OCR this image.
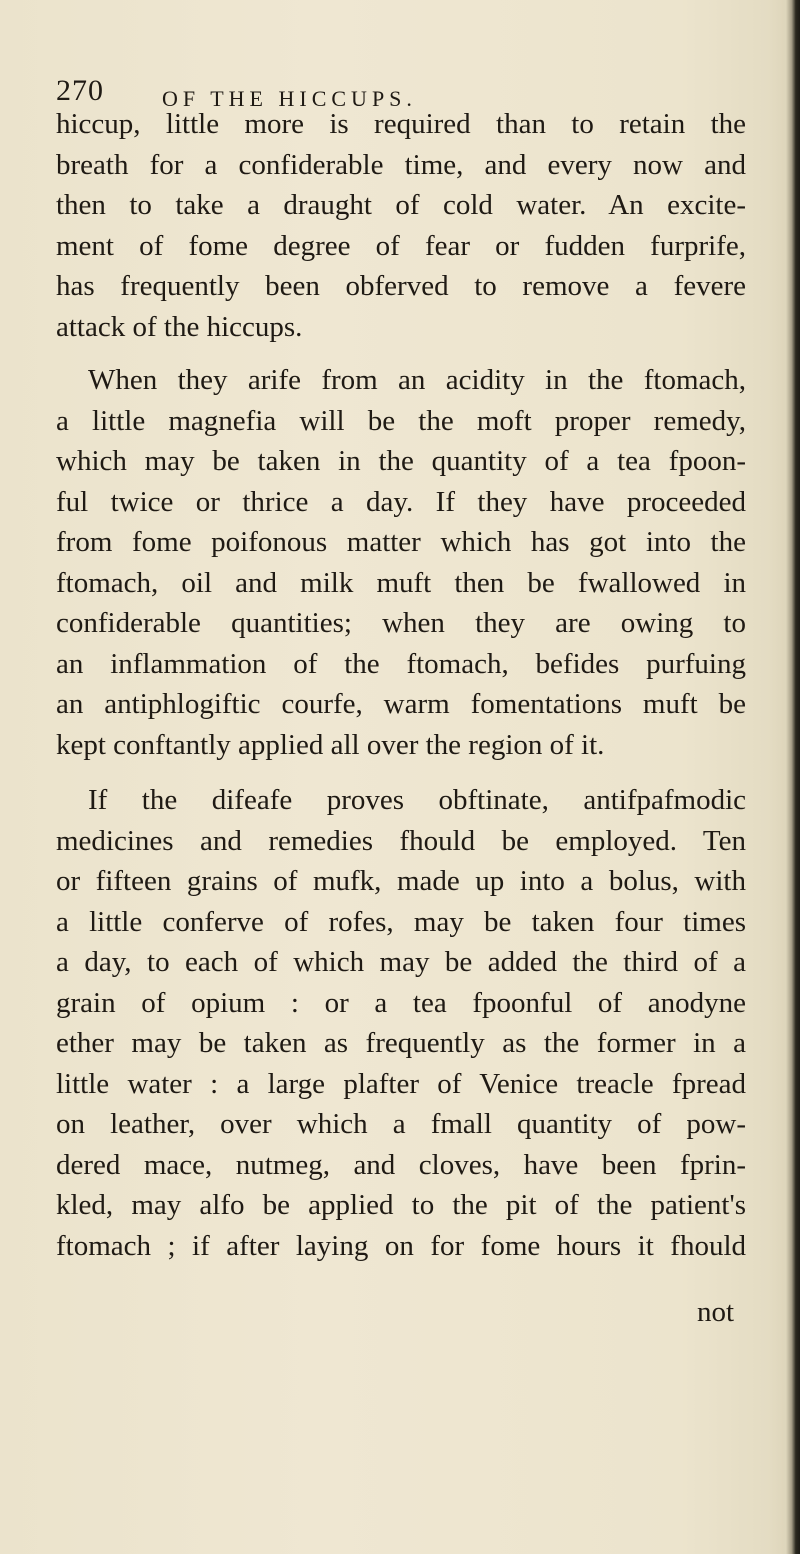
270	OF THE HICCUPS.
hiccup, little more is required than to retain the
breath for a confiderable time, and every now and
then to take a draught of cold water. An excite-
ment of fome degree of fear or fudden furprife,
has frequently been obferved to remove a fevere
attack of the hiccups.
When they arife from an acidity in the ftomach,
a little magnefia will be the moft proper remedy,
which may be taken in the quantity of a tea fpoon-
ful twice or thrice a day. If they have proceeded
from fome poifonous matter which has got into the
ftomach, oil and milk muft then be fwallowed in
confiderable quantities; when they are owing to
an inflammation of the ftomach, befides purfuing
an antiphlogiftic courfe, warm fomentations muft be
kept conftantly applied all over the region of it.
If the difeafe proves obftinate, antifpafmodic
medicines and remedies fhould be employed. Ten
or fifteen grains of mufk, made up into a bolus, with
a little conferve of rofes, may be taken four times
a day, to each of which may be added the third of a
grain of opium : or a tea fpoonful of anodyne
ether may be taken as frequently as the former in a
little water : a large plafter of Venice treacle fpread
on leather, over which a fmall quantity of pow-
dered mace, nutmeg, and cloves, have been fprin-
kled, may alfo be applied to the pit of the patient's
ftomach ; if after laying on for fome hours it fhould
not
